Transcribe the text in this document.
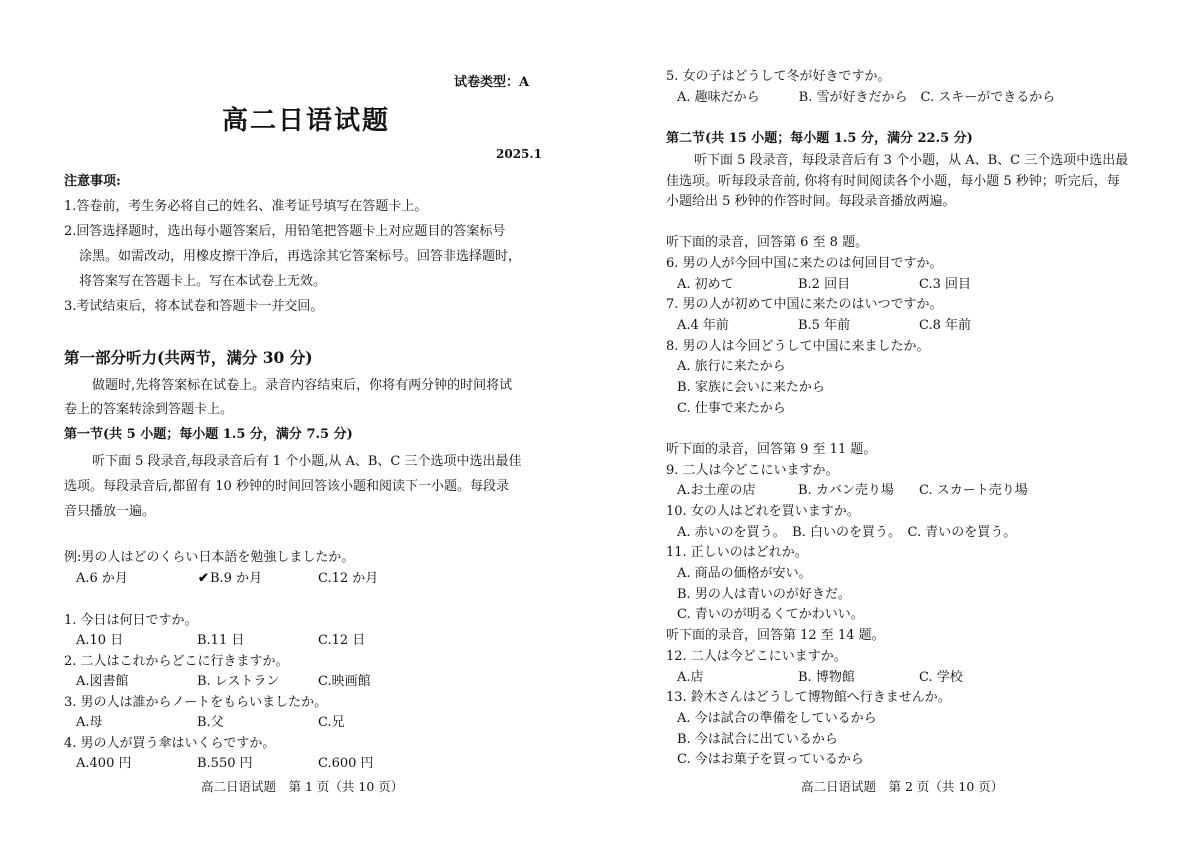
试卷类型：A
高二日语试题
2025.1
注意事项:
1.答卷前，考生务必将自己的姓名、准考证号填写在答题卡上。
2.回答选择题时，选出每小题答案后，用铅笔把答题卡上对应题目的答案标号
涂黑。如需改动，用橡皮擦干净后，再选涂其它答案标号。回答非选择题时，
将答案写在答题卡上。写在本试卷上无效。
3.考试结束后，将本试卷和答题卡一并交回。
第一部分听力(共两节，满分 30 分)
做题时,先将答案标在试卷上。录音内容结束后，你将有两分钟的时间将试
卷上的答案转涂到答题卡上。
第一节(共 5 小题；每小题 1.5 分，满分 7.5 分)
听下面 5 段录音,每段录音后有 1 个小题,从 A、B、C 三个选项中选出最佳
选项。每段录音后,都留有 10 秒钟的时间回答该小题和阅读下一小题。每段录
音只播放一遍。
例:男の人はどのくらい日本語を勉強しましたか。
A.6 か月	✔ B.9 か月	C.12 か月
1. 今日は何日ですか。
A.10 日	B.11 日	C.12 日
2. 二人はこれからどこに行きますか。
A.図書館	B. レストラン	C.映画館
3. 男の人は誰からノートをもらいましたか。
A.母	B.父	C.兄
4. 男の人が買う傘はいくらですか。
A.400 円	B.550 円	C.600 円
高二日语试题　第 1 页（共 10 页）
5. 女の子はどうして冬が好きですか。
A. 趣味だから　　　B. 雪が好きだから　C. スキーができるから
第二节(共 15 小题；每小题 1.5 分，满分 22.5 分)
听下面 5 段录音，每段录音后有 3 个小题，从 A、B、C 三个选项中选出最
佳选项。听每段录音前, 你将有时间阅读各个小题，每小题 5 秒钟；听完后，每
小题给出 5 秒钟的作答时间。每段录音播放两遍。
听下面的录音，回答第 6 至 8 题。
6. 男の人が今回中国に来たのは何回目ですか。
A. 初めて	B.2 回目	C.3 回目
7. 男の人が初めて中国に来たのはいつですか。
A.4 年前	B.5 年前	C.8 年前
8. 男の人は今回どうして中国に来ましたか。
A. 旅行に来たから
B. 家族に会いに来たから
C. 仕事で来たから
听下面的录音，回答第 9 至 11 题。
9. 二人は今どこにいますか。
A.お土産の店	B. カバン売り場 C. スカート売り場
10. 女の人はどれを買いますか。
A. 赤いのを買う。　B. 白いのを買う。　C. 青いのを買う。
11. 正しいのはどれか。
A. 商品の価格が安い。
B. 男の人は青いのが好きだ。
C. 青いのが明るくてかわいい。
听下面的录音，回答第 12 至 14 题。
12. 二人は今どこにいますか。
A.店	B. 博物館	C. 学校
13. 鈴木さんはどうして博物館へ行きませんか。
A. 今は試合の準備をしているから
B. 今は試合に出ているから
C. 今はお菓子を買っているから
高二日语试题　第 2 页（共 10 页）
